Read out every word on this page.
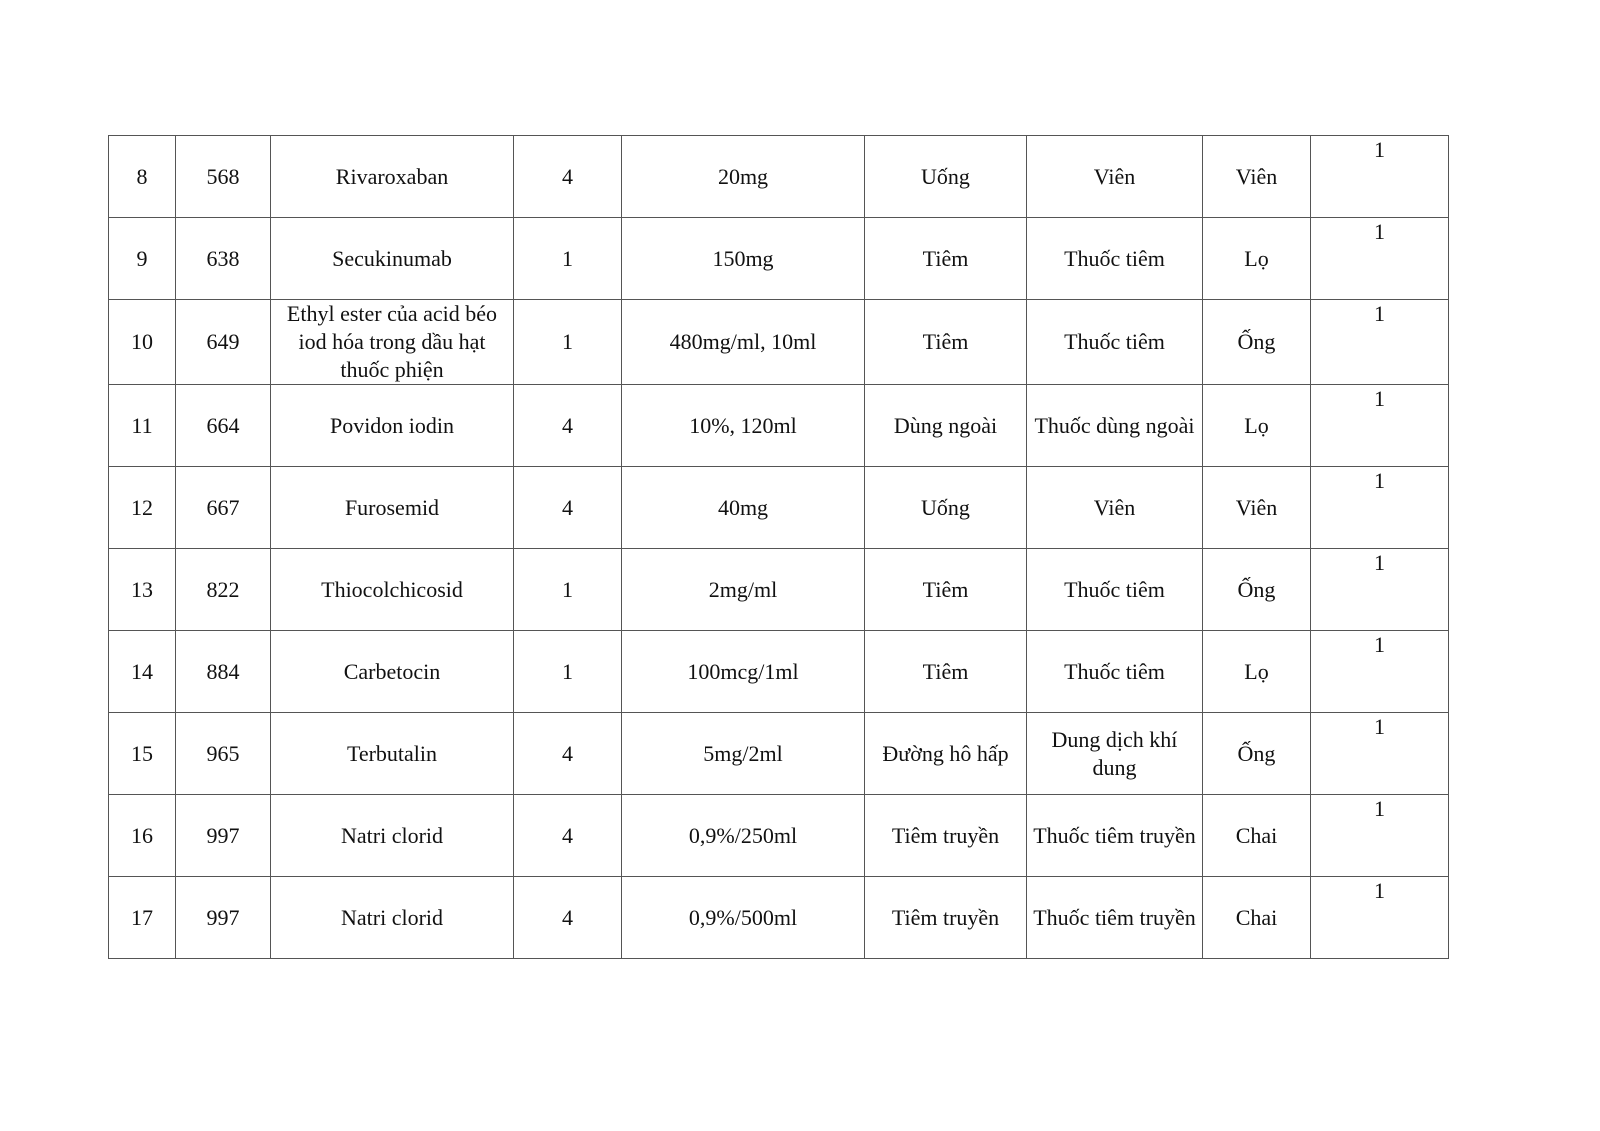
8	568	Rivaroxaban	4	20mg	Uống	Viên	Viên	1
9	638	Secukinumab	1	150mg	Tiêm	Thuốc tiêm	Lọ	1
10	649	Ethyl ester của acid béo iod hóa trong dầu hạt thuốc phiện	1	480mg/ml, 10ml	Tiêm	Thuốc tiêm	Ống	1
11	664	Povidon iodin	4	10%, 120ml	Dùng ngoài	Thuốc dùng ngoài	Lọ	1
12	667	Furosemid	4	40mg	Uống	Viên	Viên	1
13	822	Thiocolchicosid	1	2mg/ml	Tiêm	Thuốc tiêm	Ống	1
14	884	Carbetocin	1	100mcg/1ml	Tiêm	Thuốc tiêm	Lọ	1
15	965	Terbutalin	4	5mg/2ml	Đường hô hấp	Dung dịch khí dung	Ống	1
16	997	Natri clorid	4	0,9%/250ml	Tiêm truyền	Thuốc tiêm truyền	Chai	1
17	997	Natri clorid	4	0,9%/500ml	Tiêm truyền	Thuốc tiêm truyền	Chai	1
